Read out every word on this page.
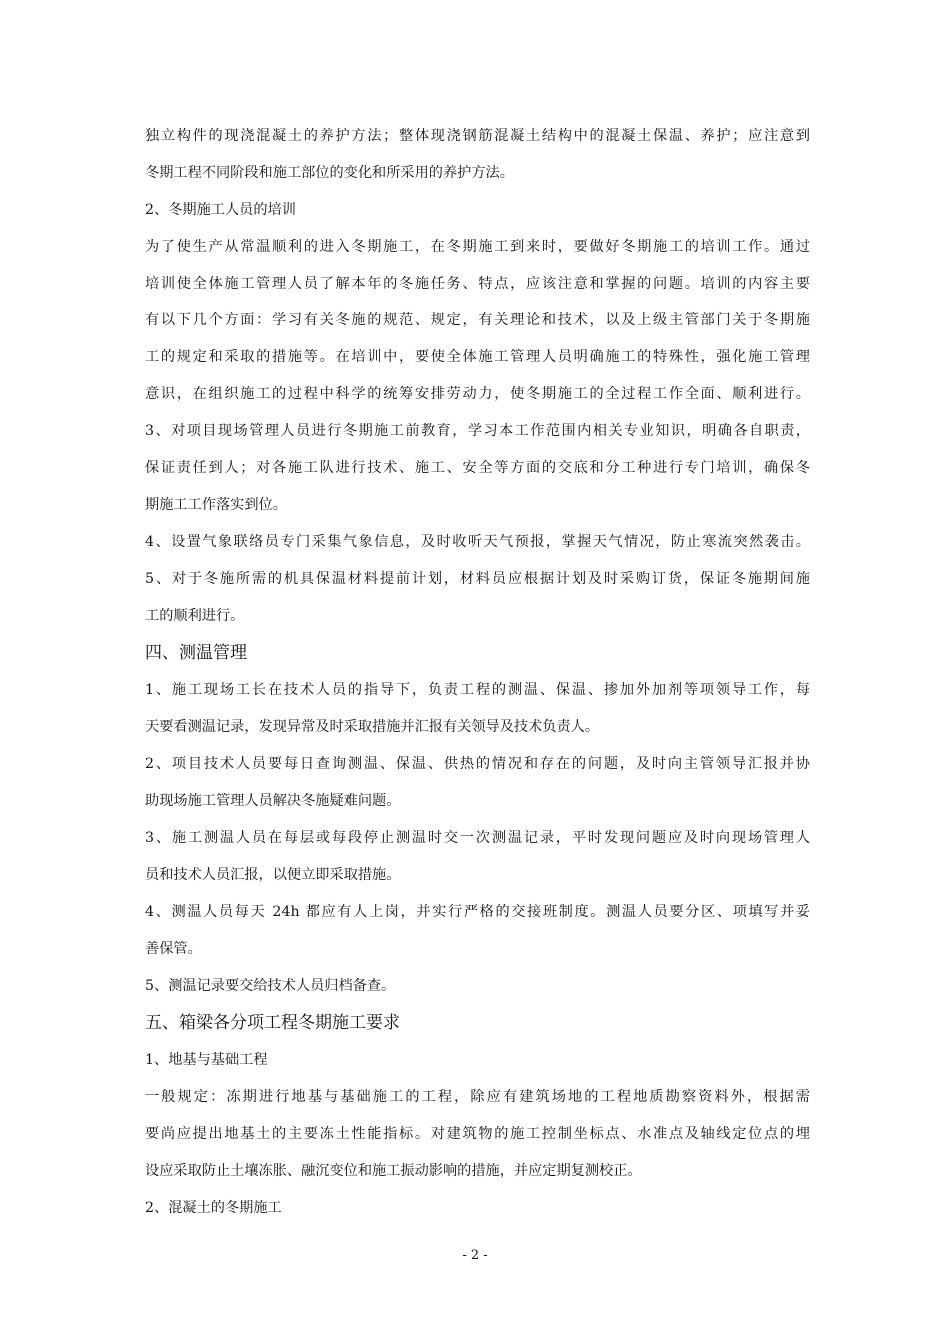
独立构件的现浇混凝土的养护方法；整体现浇钢筋混凝土结构中的混凝土保温、养护；应注意到
冬期工程不同阶段和施工部位的变化和所采用的养护方法。
2、冬期施工人员的培训
为了使生产从常温顺利的进入冬期施工，在冬期施工到来时，要做好冬期施工的培训工作。通过
培训使全体施工管理人员了解本年的冬施任务、特点，应该注意和掌握的问题。培训的内容主要
有以下几个方面：学习有关冬施的规范、规定，有关理论和技术，以及上级主管部门关于冬期施
工的规定和采取的措施等。在培训中，要使全体施工管理人员明确施工的特殊性，强化施工管理
意识，在组织施工的过程中科学的统筹安排劳动力，使冬期施工的全过程工作全面、顺利进行。
3、对项目现场管理人员进行冬期施工前教育，学习本工作范围内相关专业知识，明确各自职责，
保证责任到人；对各施工队进行技术、施工、安全等方面的交底和分工种进行专门培训，确保冬
期施工工作落实到位。
4、设置气象联络员专门采集气象信息，及时收听天气预报，掌握天气情况，防止寒流突然袭击。
5、对于冬施所需的机具保温材料提前计划，材料员应根据计划及时采购订货，保证冬施期间施
工的顺利进行。
四、测温管理
1、施工现场工长在技术人员的指导下，负责工程的测温、保温、掺加外加剂等项领导工作，每
天要看测温记录，发现异常及时采取措施并汇报有关领导及技术负责人。
2、项目技术人员要每日查询测温、保温、供热的情况和存在的问题，及时向主管领导汇报并协
助现场施工管理人员解决冬施疑难问题。
3、施工测温人员在每层或每段停止测温时交一次测温记录，平时发现问题应及时向现场管理人
员和技术人员汇报，以便立即采取措施。
4、测温人员每天 24h 都应有人上岗，并实行严格的交接班制度。测温人员要分区、项填写并妥
善保管。
5、测温记录要交给技术人员归档备查。
五、箱梁各分项工程冬期施工要求
1、地基与基础工程
一般规定：冻期进行地基与基础施工的工程，除应有建筑场地的工程地质勘察资料外，根据需
要尚应提出地基土的主要冻土性能指标。对建筑物的施工控制坐标点、水准点及轴线定位点的埋
设应采取防止土壤冻胀、融沉变位和施工振动影响的措施，并应定期复测校正。
2、混凝土的冬期施工
- 2 -
